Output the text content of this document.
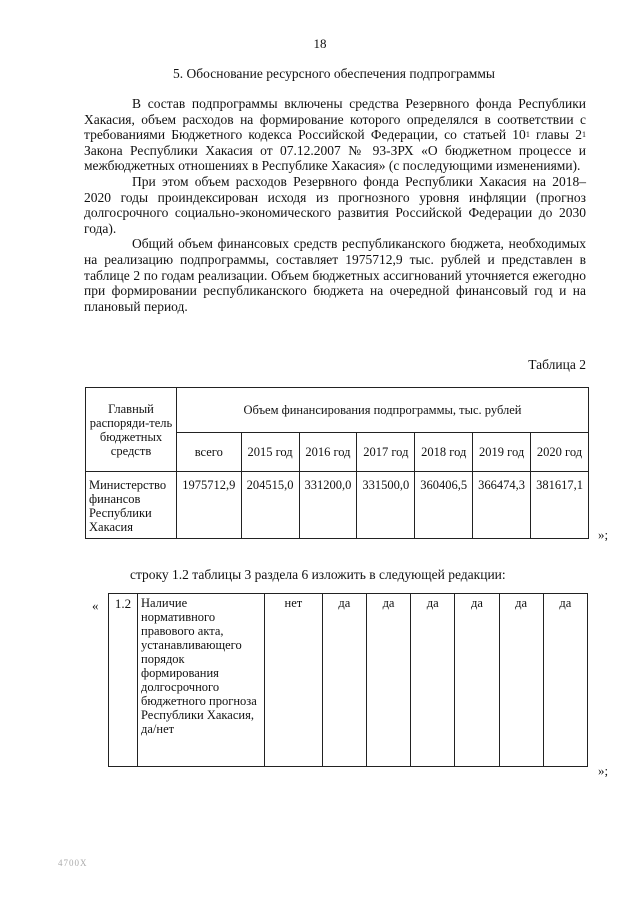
18
5. Обоснование ресурсного обеспечения подпрограммы

В состав подпрограммы включены средства Резервного фонда Республики Хакасия, объем расходов на формирование которого определялся в соответствии с требованиями Бюджетного кодекса Российской Федерации, со статьей $10^1$ главы $2^1$ Закона Республики Хакасия от 07.12.2007 № 93-ЗРХ «О бюджетном процессе и межбюджетных отношениях в Республике Хакасия» (с последующими изменениями).

При этом объем расходов Резервного фонда Республики Хакасия на 2018–2020 годы проиндексирован исходя из прогнозного уровня инфляции (прогноз долгосрочного социально-экономического развития Российской Федерации до 2030 года).

Общий объем финансовых средств республиканского бюджета, необходимых на реализацию подпрограммы, составляет 1975712,9 тыс. рублей и представлен в таблице 2 по годам реализации. Объем бюджетных ассигнований уточняется ежегодно при формировании республиканского бюджета на очередной финансовый год и на плановый период.

Таблица 2
Главный распоряди-тель бюджетных средств	Объем финансирования подпрограммы, тыс. рублей						
	всего	2015 год	2016 год	2017 год	2018 год	2019 год	2020 год
Министерство финансов Республики Хакасия	1975712,9	204515,0	331200,0	331500,0	360406,5	366474,3	381617,1
»;
строку 1.2 таблицы 3 раздела 6 изложить в следующей редакции:
« 1.2	Наличие нормативного правового акта, устанавливающего порядок формирования долгосрочного бюджетного прогноза Республики Хакасия, да/нет	нет	да	да	да	да	да	да
»;
4700X
